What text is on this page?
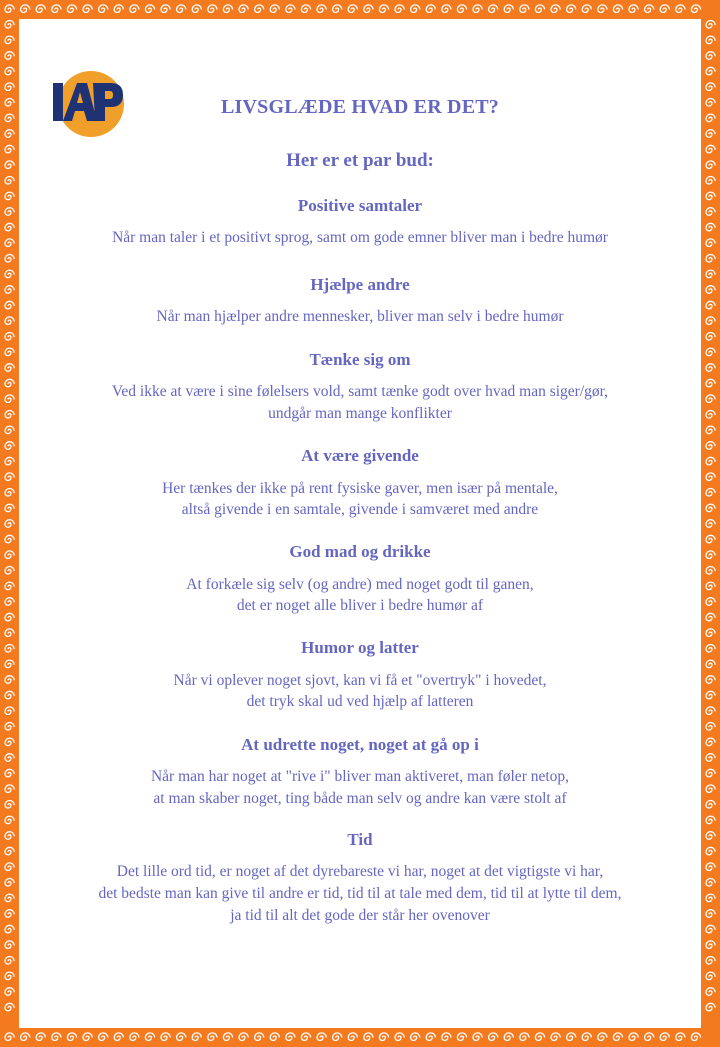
LIVSGLÆDE HVAD ER DET?
Her er et par bud:
Positive samtaler
Når man taler i et positivt sprog, samt om gode emner bliver man i bedre humør
Hjælpe andre
Når man hjælper andre mennesker, bliver man selv i bedre humør
Tænke sig om
Ved ikke at være i sine følelsers vold, samt tænke godt over hvad man siger/gør,
undgår man mange konflikter
At være givende
Her tænkes der ikke på rent fysiske gaver, men især på mentale,
altså givende i en samtale, givende i samværet med andre
God mad og drikke
At forkæle sig selv (og andre) med noget godt til ganen,
det er noget alle bliver i bedre humør af
Humor og latter
Når vi oplever noget sjovt, kan vi få et "overtryk" i hovedet,
det tryk skal ud ved hjælp af latteren
At udrette noget, noget at gå op i
Når man har noget at "rive i" bliver man aktiveret, man føler netop,
at man skaber noget, ting både man selv og andre kan være stolt af
Tid
Det lille ord tid, er noget af det dyrebareste vi har, noget at det vigtigste vi har,
det bedste man kan give til andre er tid, tid til at tale med dem, tid til at lytte til dem,
ja tid til alt det gode der står her ovenover
